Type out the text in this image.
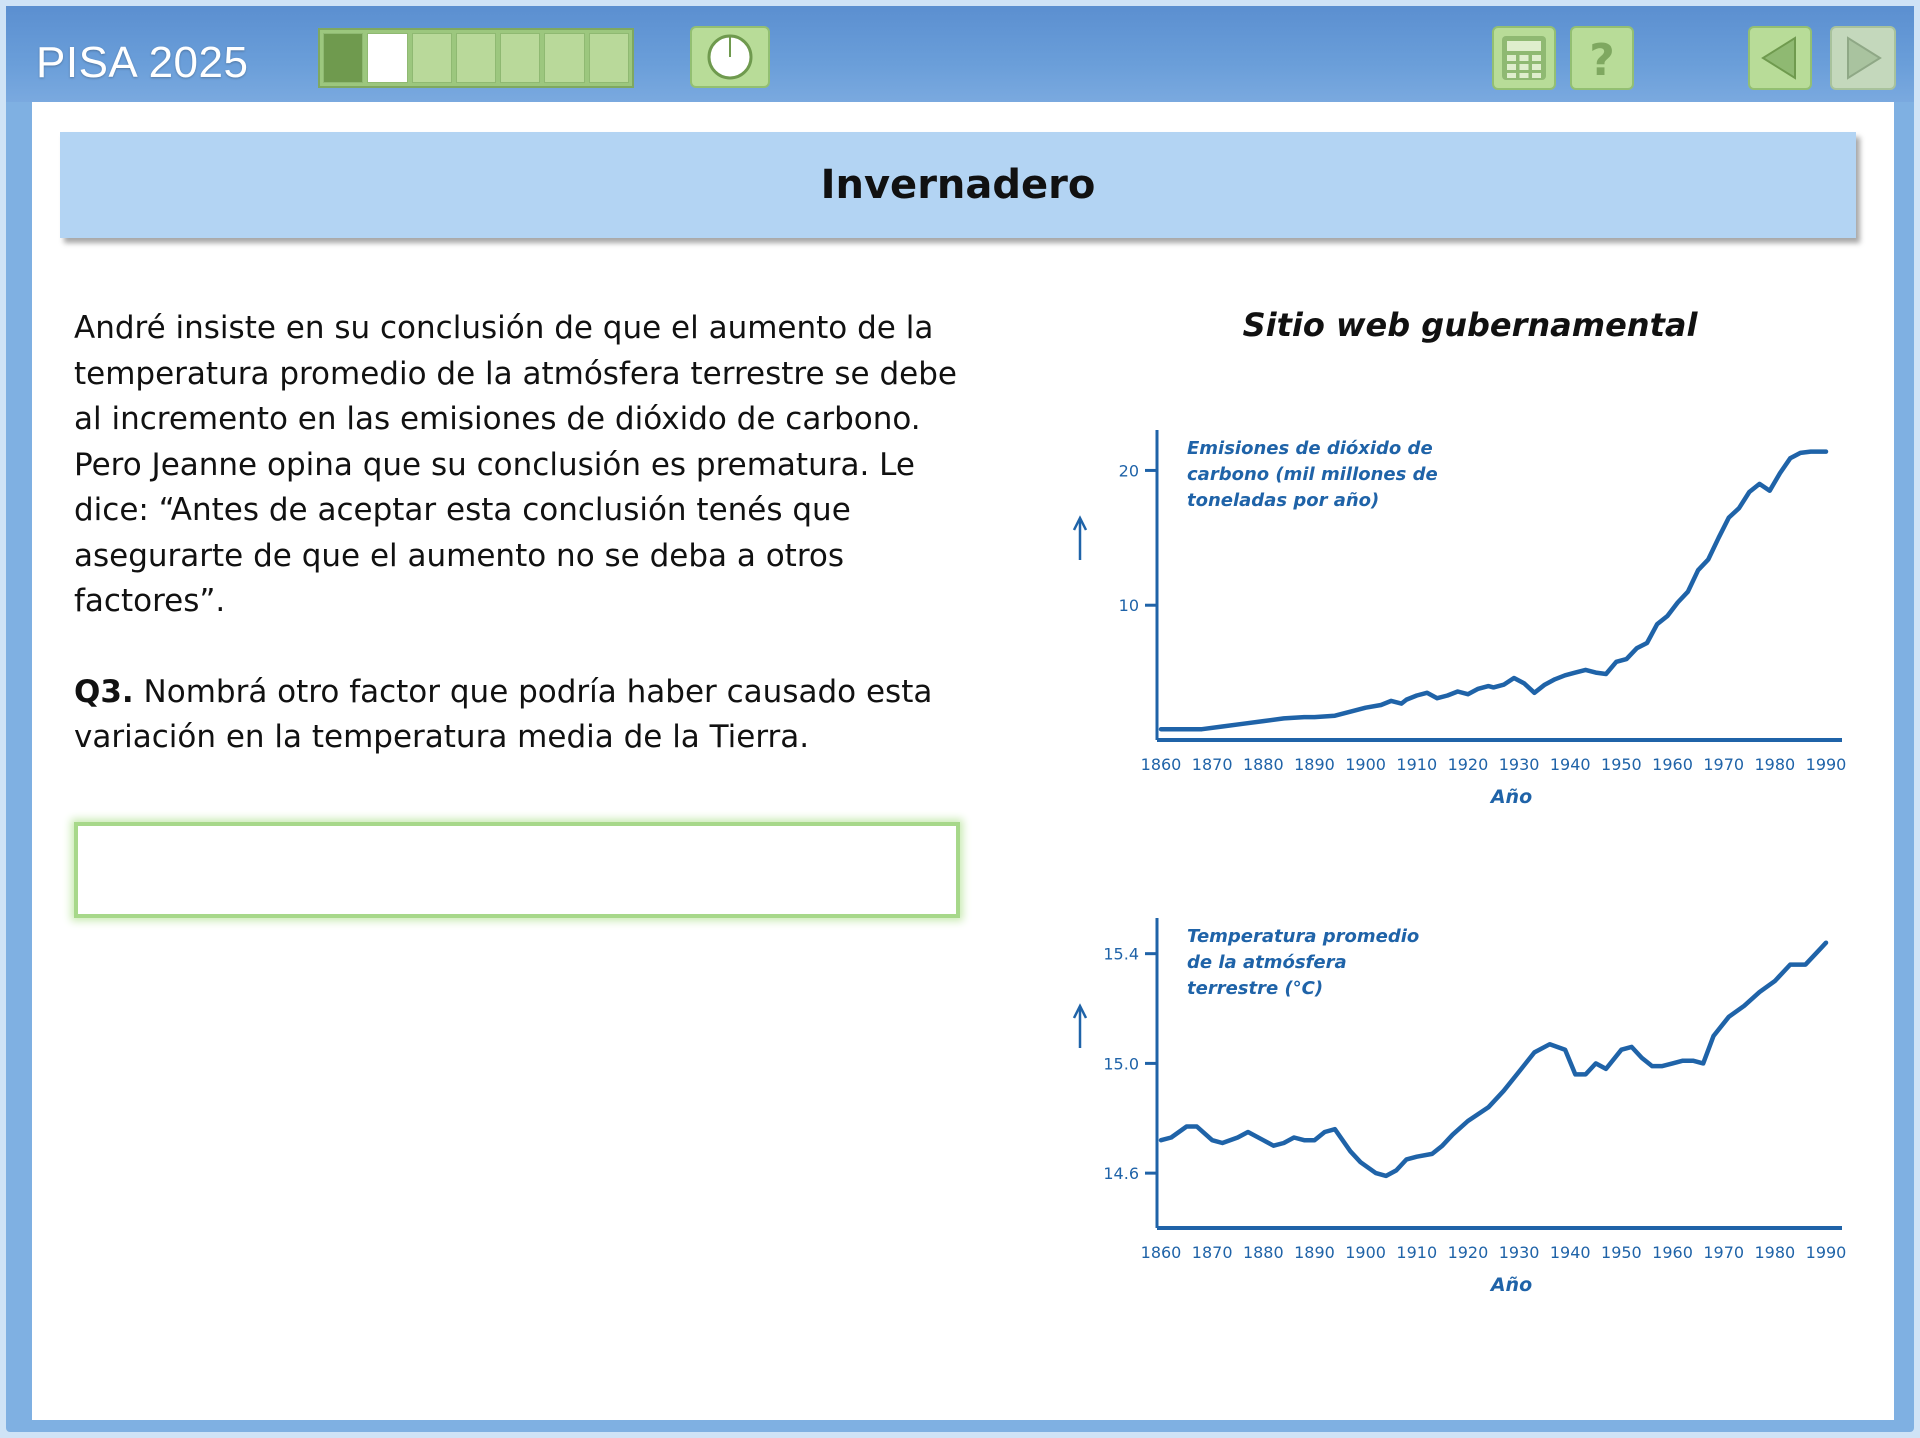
PISA 2025	?
Invernadero

André insiste en su conclusión de que el aumento de la temperatura promedio de la atmósfera terrestre se debe al incremento en las emisiones de dióxido de carbono. Pero Jeanne opina que su conclusión es prematura. Le dice: “Antes de aceptar esta conclusión tenés que asegurarte de que el aumento no se deba a otros factores”.

Q3. Nombrá otro factor que podría haber causado esta variación en la temperatura media de la Tierra.

Sitio web gubernamental
10
20
1860 1870 1880 1890 1900 1910 1920 1930 1940 1950 1960 1970 1980 1990
Año
Emisiones de dióxido de
carbono (mil millones de
toneladas por año)
14.6
15.0
15.4
1860 1870 1880 1890 1900 1910 1920 1930 1940 1950 1960 1970 1980 1990
Año
Temperatura promedio
de la atmósfera
terrestre (°C)
